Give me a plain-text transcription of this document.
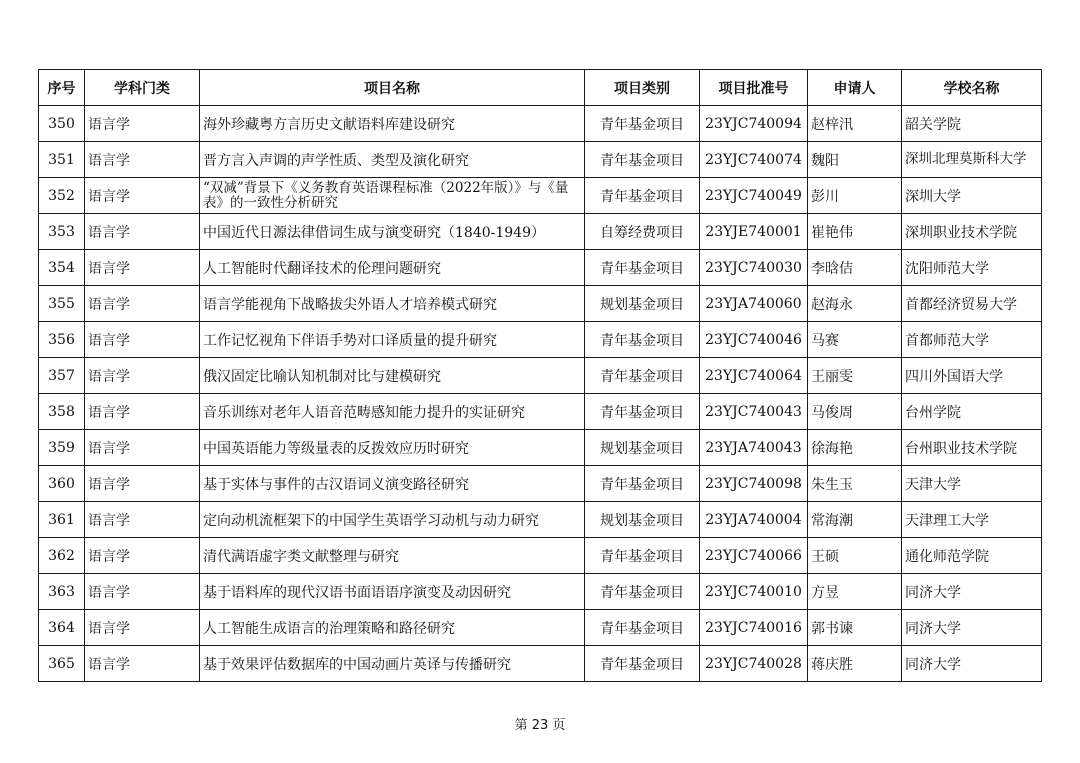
序号	学科门类	项目名称	项目类别	项目批准号	申请人	学校名称
350	语言学	海外珍藏粤方言历史文献语料库建设研究	青年基金项目	23YJC740094	赵梓汛	韶关学院
351	语言学	晋方言入声调的声学性质、类型及演化研究	青年基金项目	23YJC740074	魏阳	深圳北理莫斯科大学
352	语言学	“双减”背景下《义务教育英语课程标准（2022年版）》与《量表》的一致性分析研究	青年基金项目	23YJC740049	彭川	深圳大学
353	语言学	中国近代日源法律借词生成与演变研究（1840-1949）	自筹经费项目	23YJE740001	崔艳伟	深圳职业技术学院
354	语言学	人工智能时代翻译技术的伦理问题研究	青年基金项目	23YJC740030	李晗佶	沈阳师范大学
355	语言学	语言学能视角下战略拔尖外语人才培养模式研究	规划基金项目	23YJA740060	赵海永	首都经济贸易大学
356	语言学	工作记忆视角下伴语手势对口译质量的提升研究	青年基金项目	23YJC740046	马赛	首都师范大学
357	语言学	俄汉固定比喻认知机制对比与建模研究	青年基金项目	23YJC740064	王丽雯	四川外国语大学
358	语言学	音乐训练对老年人语音范畴感知能力提升的实证研究	青年基金项目	23YJC740043	马俊周	台州学院
359	语言学	中国英语能力等级量表的反拨效应历时研究	规划基金项目	23YJA740043	徐海艳	台州职业技术学院
360	语言学	基于实体与事件的古汉语词义演变路径研究	青年基金项目	23YJC740098	朱生玉	天津大学
361	语言学	定向动机流框架下的中国学生英语学习动机与动力研究	规划基金项目	23YJA740004	常海潮	天津理工大学
362	语言学	清代满语虚字类文献整理与研究	青年基金项目	23YJC740066	王硕	通化师范学院
363	语言学	基于语料库的现代汉语书面语语序演变及动因研究	青年基金项目	23YJC740010	方昱	同济大学
364	语言学	人工智能生成语言的治理策略和路径研究	青年基金项目	23YJC740016	郭书谏	同济大学
365	语言学	基于效果评估数据库的中国动画片英译与传播研究	青年基金项目	23YJC740028	蒋庆胜	同济大学
第 23 页
